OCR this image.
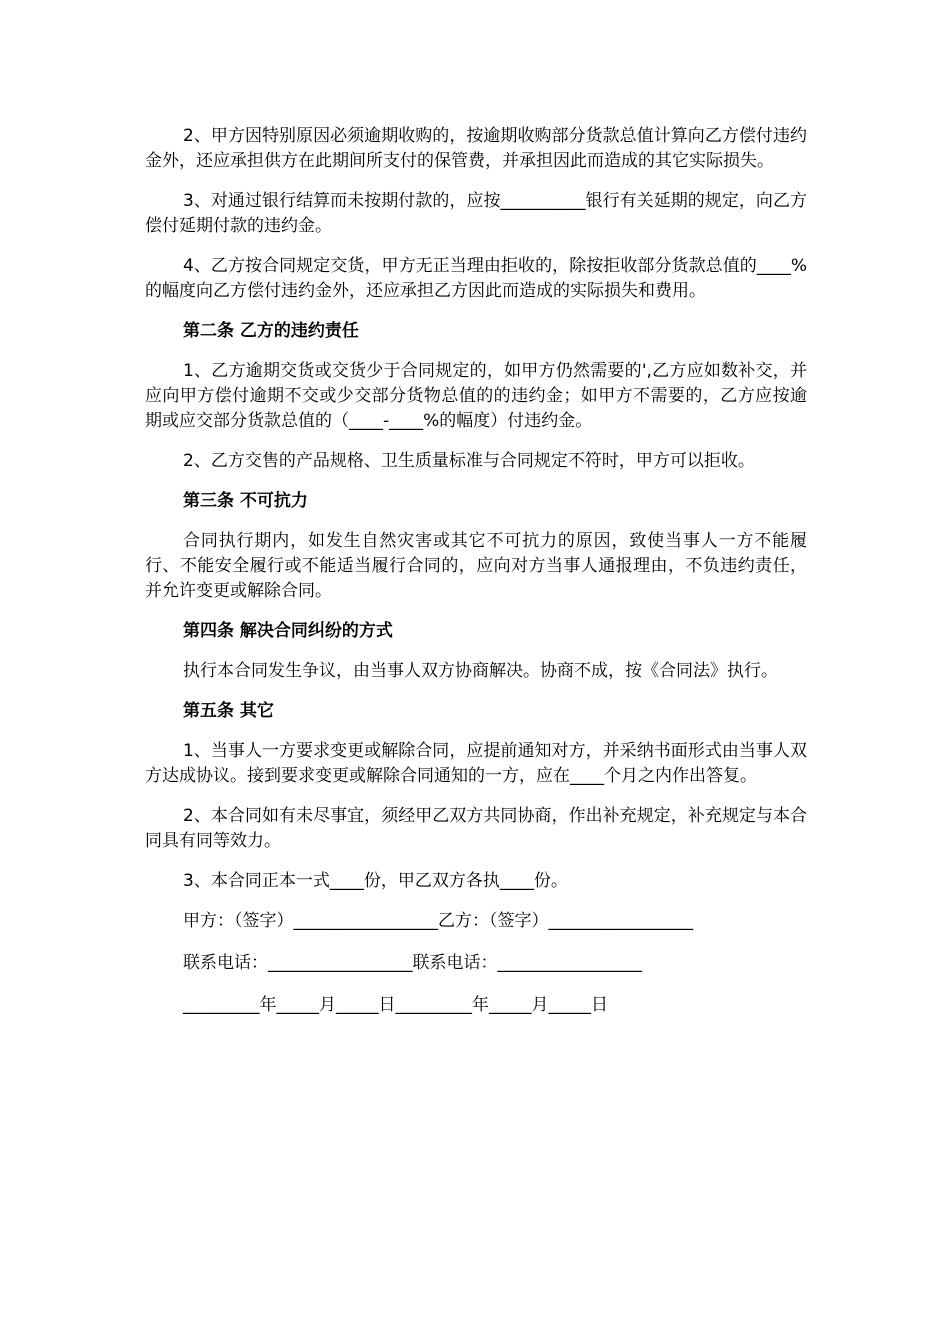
2、甲方因特别原因必须逾期收购的，按逾期收购部分货款总值计算向乙方偿付违约金外，还应承担供方在此期间所支付的保管费，并承担因此而造成的其它实际损失。

3、对通过银行结算而未按期付款的，应按__________银行有关延期的规定，向乙方偿付延期付款的违约金。

4、乙方按合同规定交货，甲方无正当理由拒收的，除按拒收部分货款总值的____%的幅度向乙方偿付违约金外，还应承担乙方因此而造成的实际损失和费用。

第二条 乙方的违约责任

1、乙方逾期交货或交货少于合同规定的，如甲方仍然需要的',乙方应如数补交，并应向甲方偿付逾期不交或少交部分货物总值的的违约金；如甲方不需要的，乙方应按逾期或应交部分货款总值的（____-____%的幅度）付违约金。

2、乙方交售的产品规格、卫生质量标准与合同规定不符时，甲方可以拒收。

第三条 不可抗力

合同执行期内，如发生自然灾害或其它不可抗力的原因，致使当事人一方不能履行、不能安全履行或不能适当履行合同的，应向对方当事人通报理由，不负违约责任，并允许变更或解除合同。

第四条 解决合同纠纷的方式

执行本合同发生争议，由当事人双方协商解决。协商不成，按《合同法》执行。

第五条 其它

1、当事人一方要求变更或解除合同，应提前通知对方，并采纳书面形式由当事人双方达成协议。接到要求变更或解除合同通知的一方，应在____个月之内作出答复。

2、本合同如有未尽事宜，须经甲乙双方共同协商，作出补充规定，补充规定与本合同具有同等效力。

3、本合同正本一式____份，甲乙双方各执____份。

甲方：（签字）_________________乙方：（签字）_________________

联系电话：_________________联系电话：_________________

_________年_____月_____日_________年_____月_____日
